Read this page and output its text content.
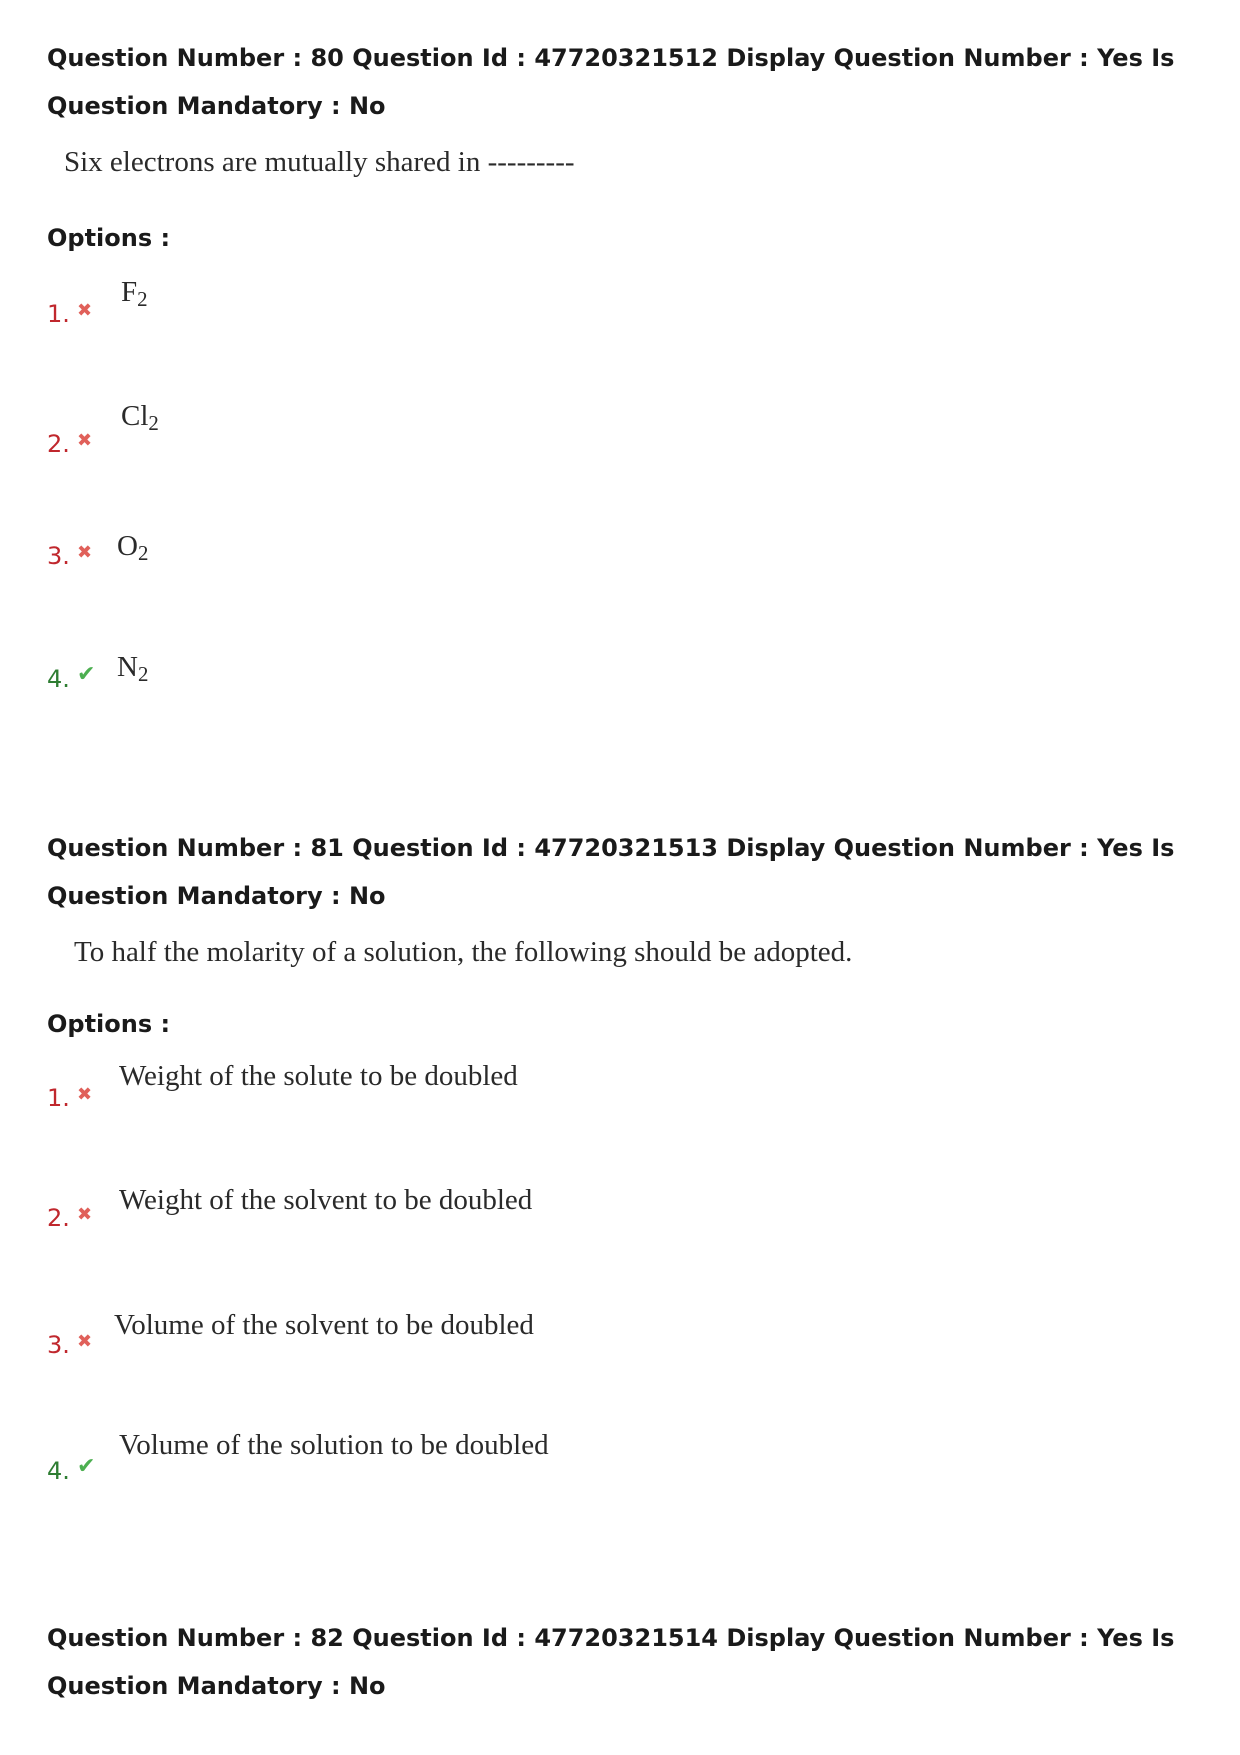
Question Number : 80 Question Id : 47720321512 Display Question Number : Yes Is Question Mandatory : No
Six electrons are mutually shared in ---------
Options :
1. ✖
$F_2$
2. ✖
$Cl_2$
3. ✖ $O_2$
4. ✔ $N_2$
Question Number : 81 Question Id : 47720321513 Display Question Number : Yes Is Question Mandatory : No
To half the molarity of a solution, the following should be adopted.
Options :
1. ✖
Weight of the solute to be doubled
2. ✖ Weight of the solvent to be doubled
3. ✖
Volume of the solvent to be doubled
4. ✔
Volume of the solution to be doubled
Question Number : 82 Question Id : 47720321514 Display Question Number : Yes Is Question Mandatory : No
